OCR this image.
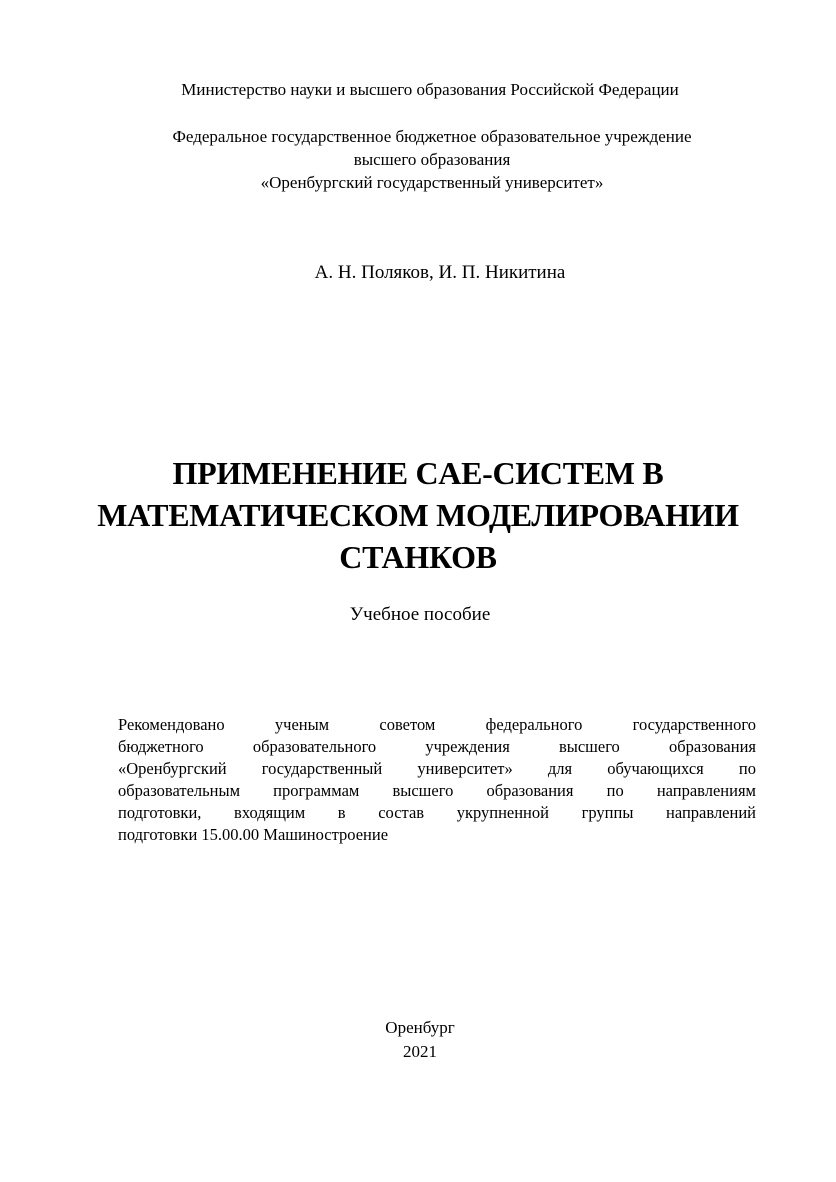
Министерство науки и высшего образования Российской Федерации
Федеральное государственное бюджетное образовательное учреждение
высшего образования
«Оренбургский государственный университет»
А. Н. Поляков, И. П. Никитина
ПРИМЕНЕНИЕ CAE-СИСТЕМ В
МАТЕМАТИЧЕСКОМ МОДЕЛИРОВАНИИ
СТАНКОВ
Учебное пособие
Рекомендовано ученым советом федерального государственного
бюджетного образовательного учреждения высшего образования
«Оренбургский государственный университет» для обучающихся по
образовательным программам высшего образования по направлениям
подготовки, входящим в состав укрупненной группы направлений
подготовки 15.00.00 Машиностроение
Оренбург
2021
